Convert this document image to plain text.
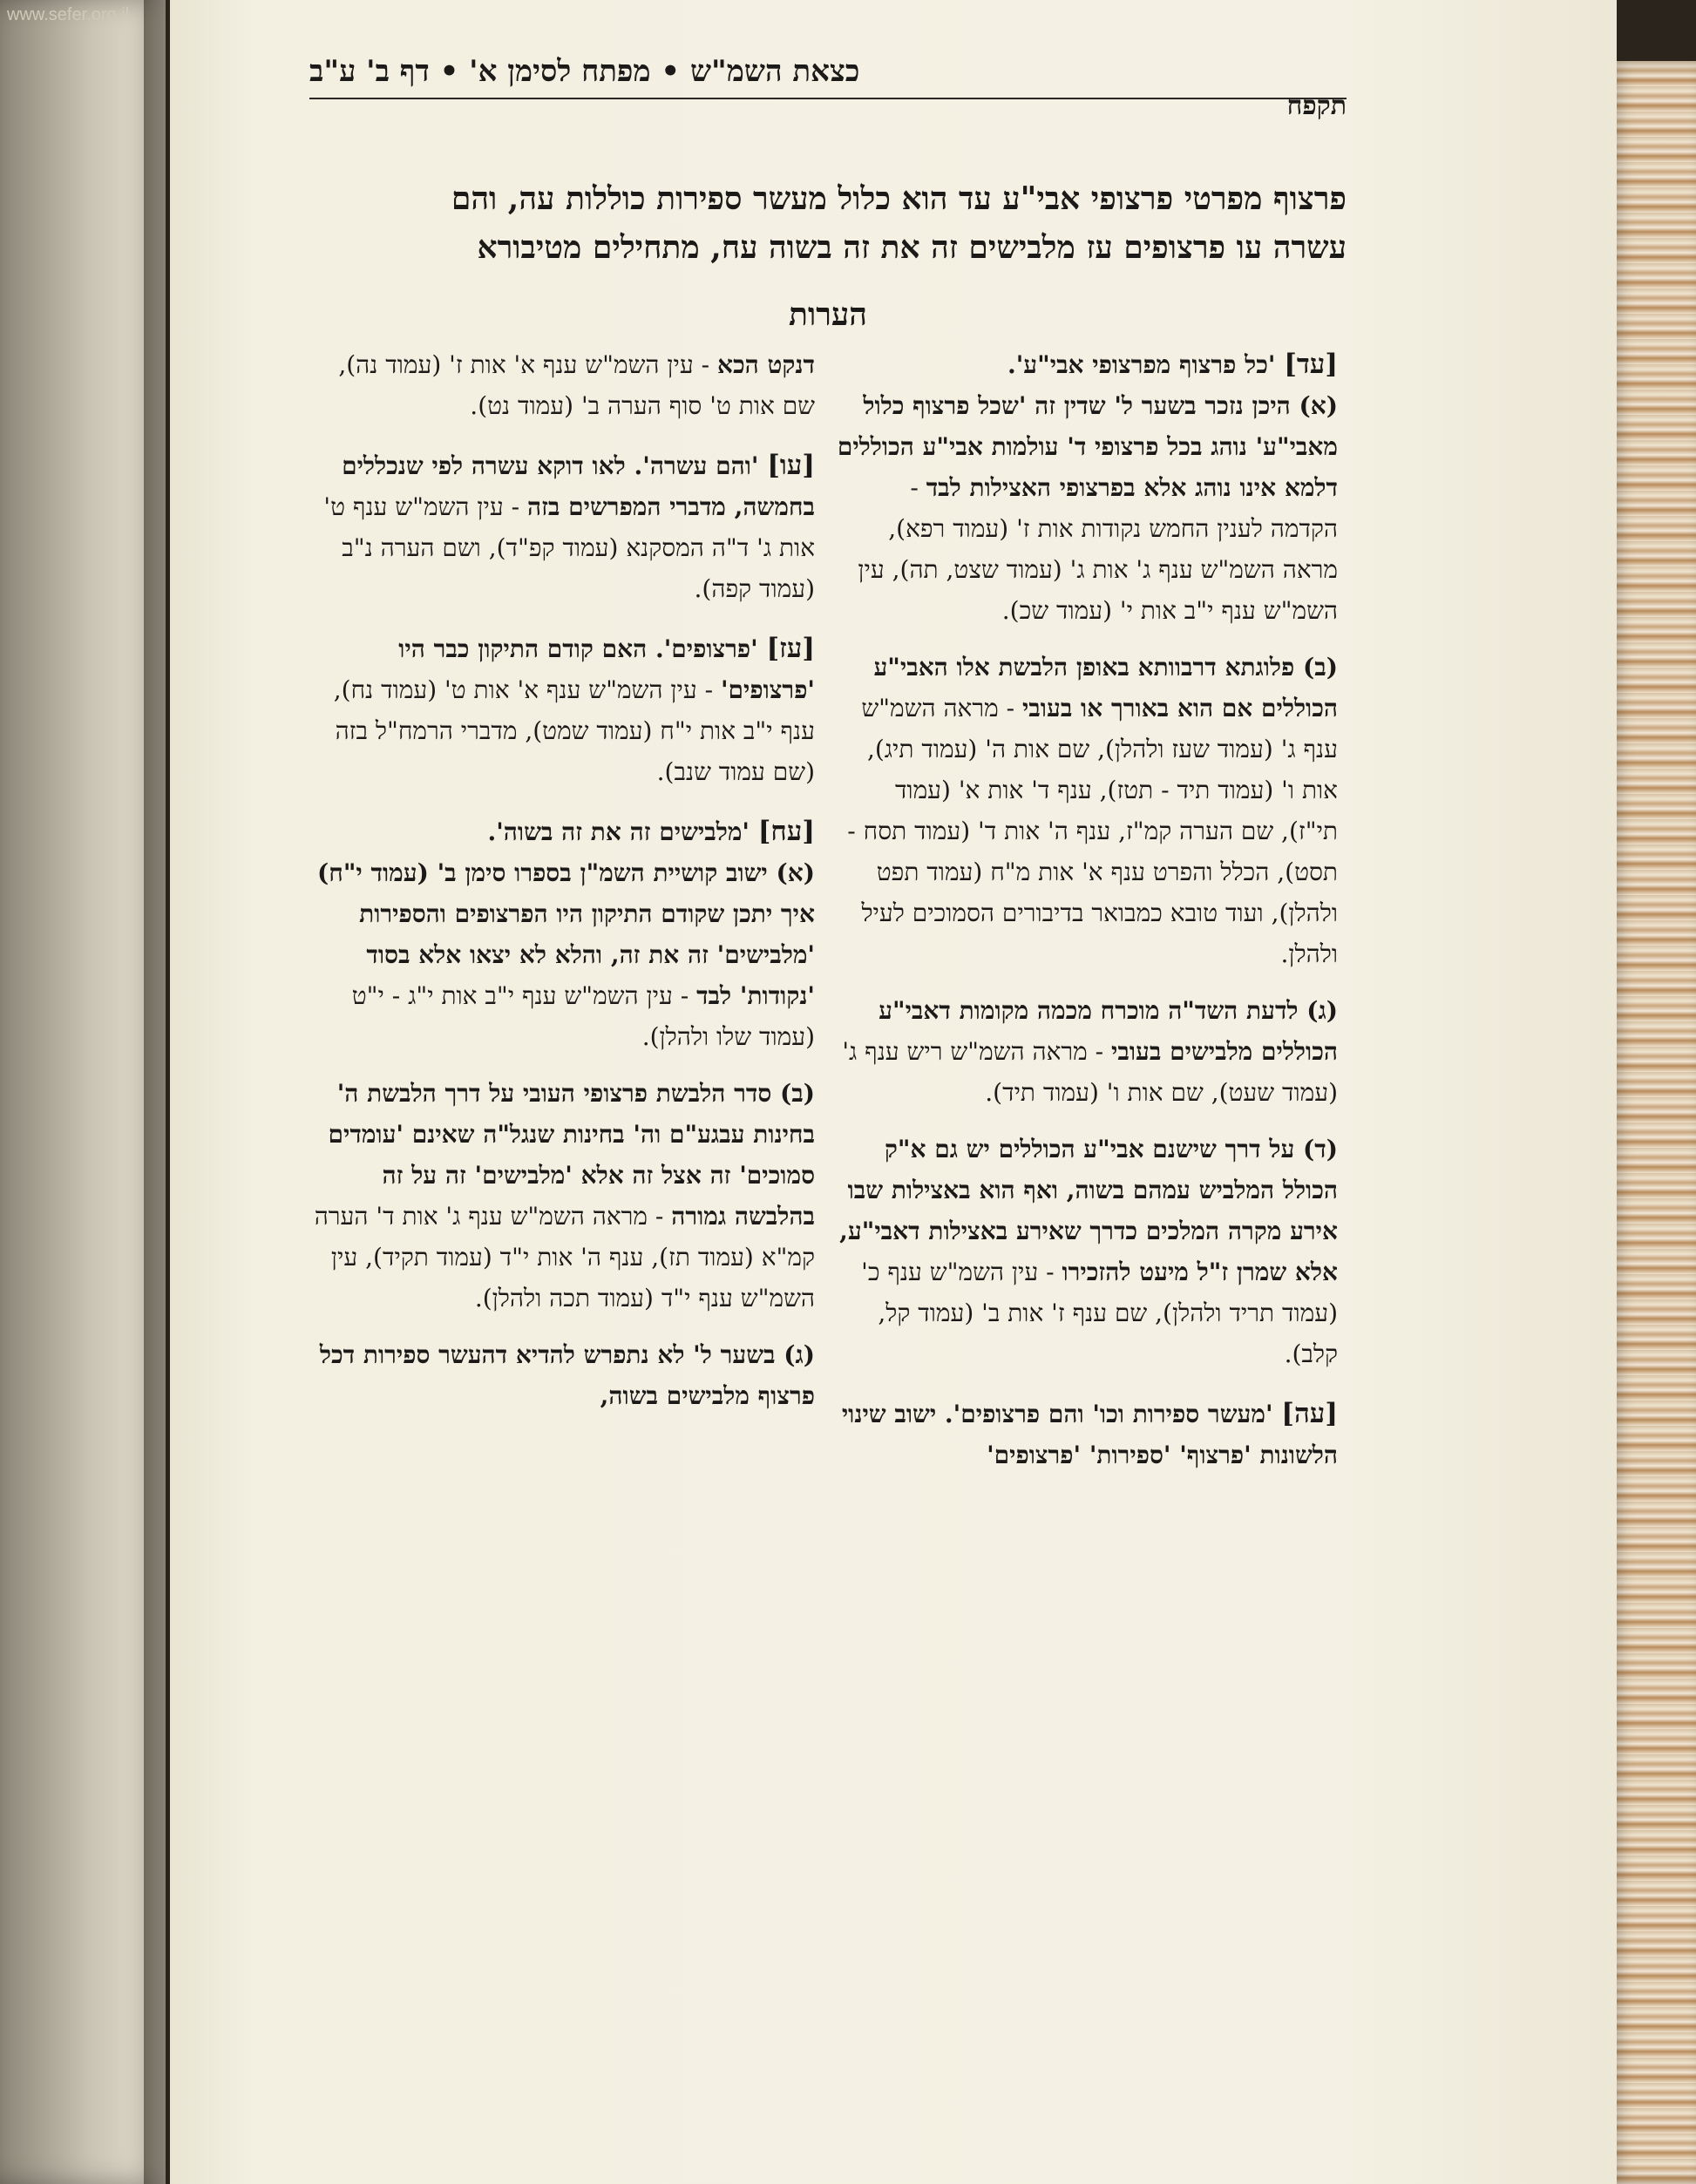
www.sefer.org.il
כצאת השמ"ש • מפתח לסימן א' • דף ב' ע"ב
תקפח

פרצוף מפרטי פרצופי אבי"ע עד הוא כלול מעשר ספירות כוללות עה, והם

עשרה עו פרצופים עז מלבישים זה את זה בשוה עח, מתחילים מטיבורא

הערות
[עד] 'כל פרצוף מפרצופי אבי"ע'.
(א) היכן נזכר בשער ל' שדין זה 'שכל פרצוף כלול מאבי"ע' נוהג בכל פרצופי ד' עולמות אבי"ע הכוללים דלמא אינו נוהג אלא בפרצופי האצילות לבד - הקדמה לענין החמש נקודות אות ז' (עמוד רפא), מראה השמ"ש ענף ג' אות ג' (עמוד שצט, תה), עין השמ"ש ענף י"ב אות י' (עמוד שכ).
(ב) פלוגתא דרבוותא באופן הלבשת אלו האבי"ע הכוללים אם הוא באורך או בעובי - מראה השמ"ש ענף ג' (עמוד שעז ולהלן), שם אות ה' (עמוד תיג), אות ו' (עמוד תיד - תטז), ענף ד' אות א' (עמוד תי"ז), שם הערה קמ"ז, ענף ה' אות ד' (עמוד תסח - תסט), הכלל והפרט ענף א' אות מ"ח (עמוד תפט ולהלן), ועוד טובא כמבואר בדיבורים הסמוכים לעיל ולהלן.
(ג) לדעת השד"ה מוכרח מכמה מקומות דאבי"ע הכוללים מלבישים בעובי - מראה השמ"ש ריש ענף ג' (עמוד שעט), שם אות ו' (עמוד תיד).
(ד) על דרך שישנם אבי"ע הכוללים יש גם א"ק הכולל המלביש עמהם בשוה, ואף הוא באצילות שבו אירע מקרה המלכים כדרך שאירע באצילות דאבי"ע, אלא שמרן ז"ל מיעט להזכירו - עין השמ"ש ענף כ' (עמוד תריד ולהלן), שם ענף ז' אות ב' (עמוד קל, קלב).
[עה] 'מעשר ספירות וכו' והם פרצופים'. ישוב שינוי הלשונות 'פרצוף' 'ספירות' 'פרצופים'
דנקט הכא - עין השמ"ש ענף א' אות ז' (עמוד נה), שם אות ט' סוף הערה ב' (עמוד נט).
[עו] 'והם עשרה'. לאו דוקא עשרה לפי שנכללים בחמשה, מדברי המפרשים בזה - עין השמ"ש ענף ט' אות ג' ד"ה המסקנא (עמוד קפ"ד), ושם הערה נ"ב (עמוד קפה).
[עז] 'פרצופים'. האם קודם התיקון כבר היו 'פרצופים' - עין השמ"ש ענף א' אות ט' (עמוד נח), ענף י"ב אות י"ח (עמוד שמט), מדברי הרמח"ל בזה (שם עמוד שנב).
[עח] 'מלבישים זה את זה בשוה'.
(א) ישוב קושיית השמ"ן בספרו סימן ב' (עמוד י"ח) איך יתכן שקודם התיקון היו הפרצופים והספירות 'מלבישים' זה את זה, והלא לא יצאו אלא בסוד 'נקודות' לבד - עין השמ"ש ענף י"ב אות י"ג - י"ט (עמוד שלו ולהלן).
(ב) סדר הלבשת פרצופי העובי על דרך הלבשת ה' בחינות עבגע"ם וה' בחינות שנגל"ה שאינם 'עומדים סמוכים' זה אצל זה אלא 'מלבישים' זה על זה בהלבשה גמורה - מראה השמ"ש ענף ג' אות ד' הערה קמ"א (עמוד תז), ענף ה' אות י"ד (עמוד תקיד), עין השמ"ש ענף י"ד (עמוד תכה ולהלן).
(ג) בשער ל' לא נתפרש להדיא דהעשר ספירות דכל פרצוף מלבישים בשוה,
